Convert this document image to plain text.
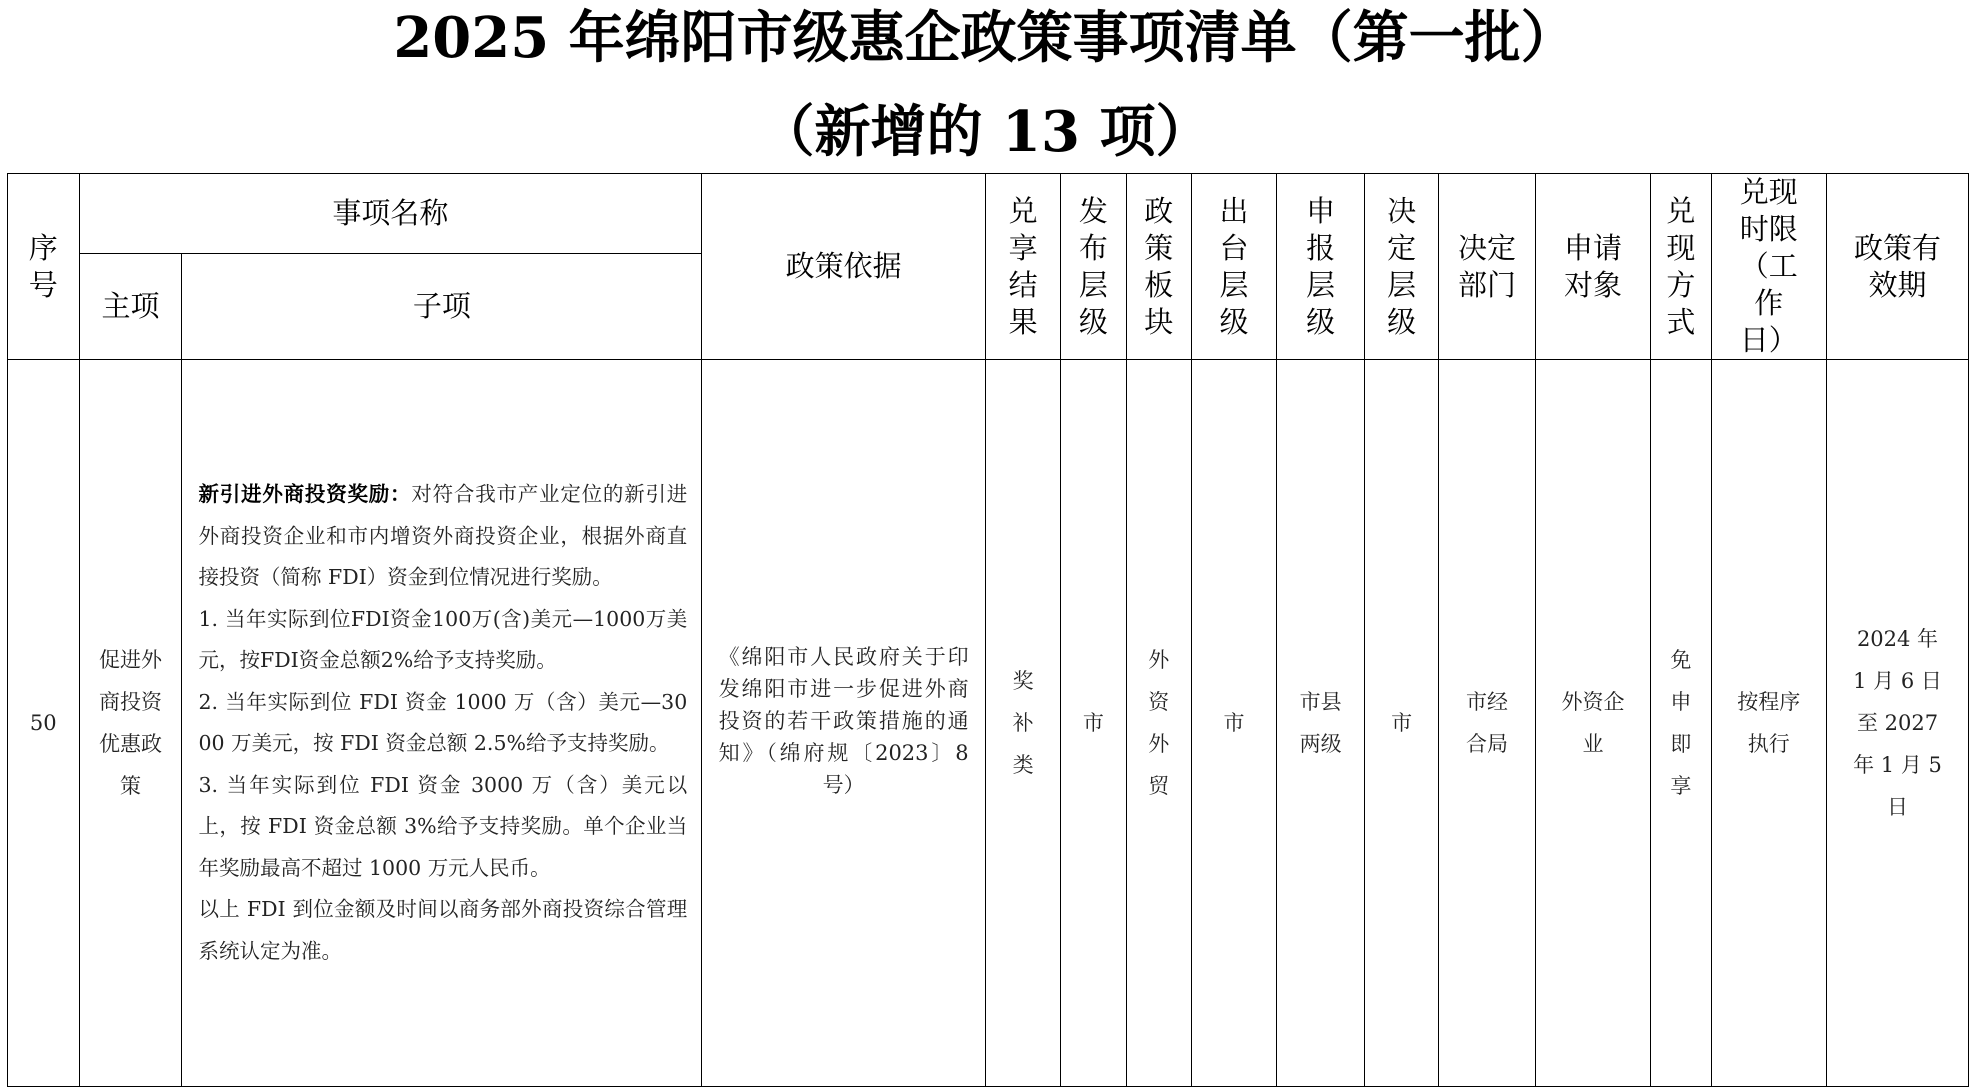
2025 年绵阳市级惠企政策事项清单（第一批）
（新增的 13 项）
序号	事项名称		政策依据	兑享结果	发布层级	政策板块	出台层级	申报层级	决定层级	决定部门	申请对象	兑现方式	兑现时限（工作日）	政策有效期
	主项	子项												
50	促进外商投资优惠政策	新引进外商投资奖励：对符合我市产业定位的新引进外商投资企业和市内增资外商投资企业，根据外商直接投资（简称 FDI）资金到位情况进行奖励。

1. 当年实际到位FDI资金100万(含)美元—1000万美元，按FDI资金总额2%给予支持奖励。

2. 当年实际到位 FDI 资金 1000 万（含）美元—3000 万美元，按 FDI 资金总额 2.5%给予支持奖励。

3. 当年实际到位 FDI 资金 3000 万（含）美元以上，按 FDI 资金总额 3%给予支持奖励。单个企业当年奖励最高不超过 1000 万元人民币。

以上 FDI 到位金额及时间以商务部外商投资综合管理系统认定为准。	《绵阳市人民政府关于印发绵阳市进一步促进外商投资的若干政策措施的通知》（绵府规〔2023〕8 号）	奖补类	市	外资外贸	市	市县两级	市	市经合局	外资企业	免申即享	按程序执行	2024 年 1 月 6 日至 2027 年 1 月 5 日
